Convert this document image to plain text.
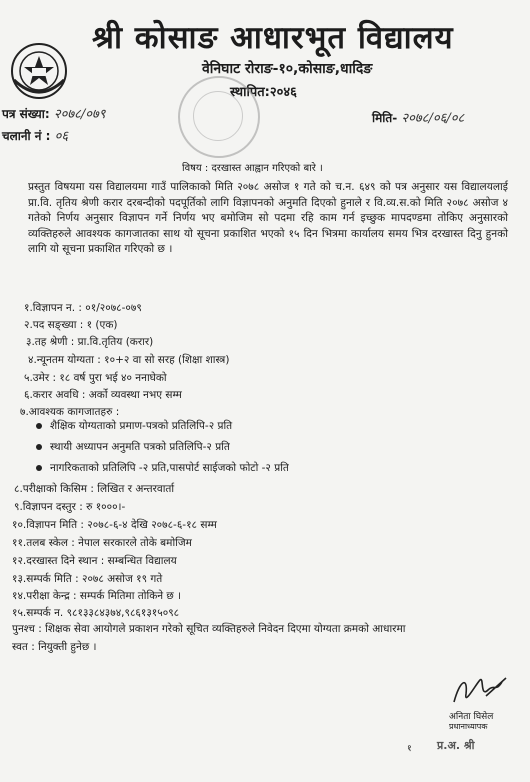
श्री कोसाङ आधारभूत विद्यालय
वेनिघाट रोराङ-१०,कोसाङ,धादिङ
स्थापित:२०४६
पत्र संख्या: २०७८/०७९
चलानी नं : ०६
मिति- २०७८/०६/०८
विषय : दरखास्त आह्वान गरिएको बारे ।
प्रस्तुत विषयमा यस विद्यालयमा गाउँ पालिकाको मिति २०७८ असोज १ गते को च.न. ६४९ को पत्र अनुसार यस विद्यालयलाई प्रा.वि. तृतिय श्रेणी करार दरबन्दीको पदपूर्तिको लागि विज्ञापनको अनुमति दिएको हुनाले र वि.व्य.स.को मिति २०७८ असोज ४ गतेको निर्णय अनुसार विज्ञापन गर्ने निर्णय भए बमोजिम सो पदमा रहि काम गर्न इच्छुक मापदण्डमा तोकिए अनुसारको व्यक्तिहरुले आवश्यक कागजातका साथ यो सूचना प्रकाशित भएको १५ दिन भित्रमा कार्यालय समय भित्र दरखास्त दिनु हुनको लागि यो सूचना प्रकाशित गरिएको छ ।
१.विज्ञापन न. : ०१/२०७८-०७९
२.पद सङ्ख्या : १ (एक)
३.तह श्रेणी : प्रा.वि.तृतिय (करार)
४.न्यूनतम योग्यता : १०+२ वा सो सरह (शिक्षा शास्त्र)
५.उमेर : १८ वर्ष पुरा भई ४० ननाघेको
६.करार अवधि : अर्को व्यवस्था नभए सम्म
७.आवश्यक कागजातहरु :
शैक्षिक योग्यताको प्रमाण-पत्रको प्रतिलिपि-२ प्रति
स्थायी अध्यापन अनुमति पत्रको प्रतिलिपि-२ प्रति
नागरिकताको प्रतिलिपि -२ प्रति,पासपोर्ट साईजको फोटो -२ प्रति
८.परीक्षाको किसिम : लिखित र अन्तरवार्ता
९.विज्ञापन दस्तुर : रु १०००।-
१०.विज्ञापन मिति : २०७८-६-४ देखि २०७८-६-१८ सम्म
११.तलब स्केल : नेपाल सरकारले तोके बमोजिम
१२.दरखास्त दिने स्थान : सम्बन्धित विद्यालय
१३.सम्पर्क मिति : २०७८ असोज १९ गते
१४.परीक्षा केन्द्र : सम्पर्क मितिमा तोकिने छ ।
१५.सम्पर्क न. ९८१३३८४३७४,९८६१३१५०९८
पुनश्च : शिक्षक सेवा आयोगले प्रकाशन गरेको सूचित व्यक्तिहरुले निवेदन दिएमा योग्यता क्रमको आधारमा
स्वत : नियुक्ती हुनेछ ।
अनिता घिसेल
प्रधानाध्यापक
१ प्र.अ. श्री
